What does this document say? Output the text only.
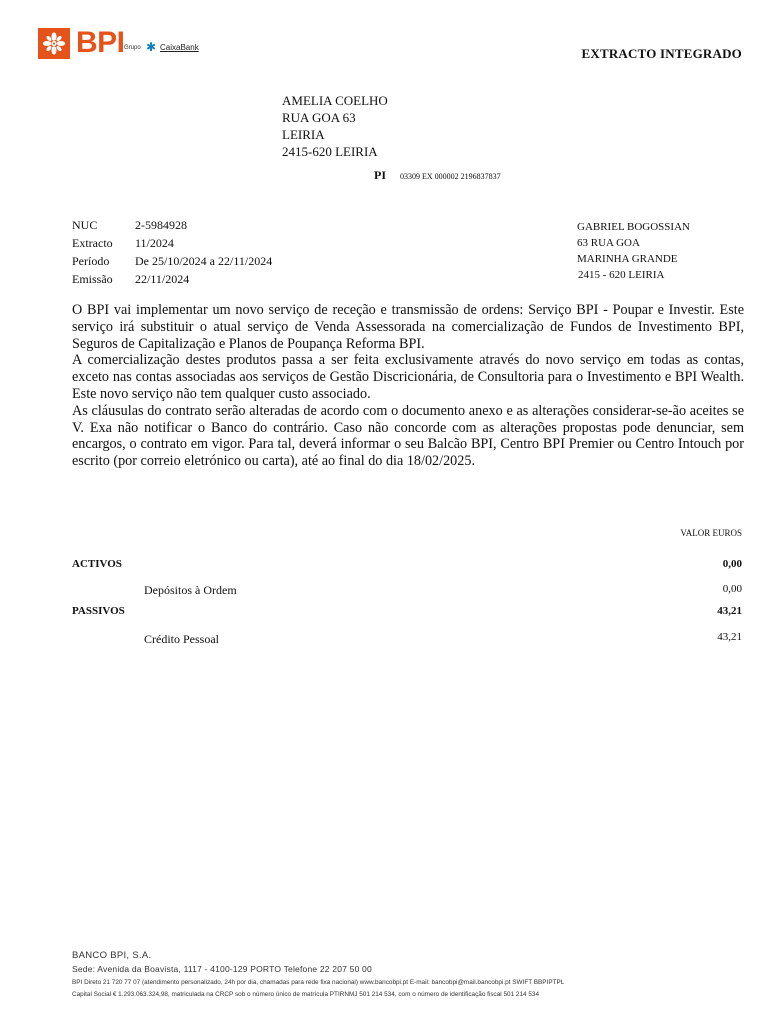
BPI Grupo ✱ CaixaBank	EXTRACTO INTEGRADO
AMELIA COELHO
RUA GOA 63
LEIRIA
2415-620 LEIRIA
PI 03309 EX 000002 2196837837
NUC	2-5984928
Extracto	11/2024
Período	De 25/10/2024 a 22/11/2024
Emissão	22/11/2024
GABRIEL BOGOSSIAN
63 RUA GOA
MARINHA GRANDE
2415 - 620 LEIRIA

O BPI vai implementar um novo serviço de receção e transmissão de ordens: Serviço BPI - Poupar e Investir. Este serviço irá substituir o atual serviço de Venda Assessorada na comercialização de Fundos de Investimento BPI, Seguros de Capitalização e Planos de Poupança Reforma BPI.

A comercialização destes produtos passa a ser feita exclusivamente através do novo serviço em todas as contas, exceto nas contas associadas aos serviços de Gestão Discricionária, de Consultoria para o Investimento e BPI Wealth. Este novo serviço não tem qualquer custo associado.

As cláusulas do contrato serão alteradas de acordo com o documento anexo e as alterações considerar-se-ão aceites se V. Exa não notificar o Banco do contrário. Caso não concorde com as alterações propostas pode denunciar, sem encargos, o contrato em vigor. Para tal, deverá informar o seu Balcão BPI, Centro BPI Premier ou Centro Intouch por escrito (por correio eletrónico ou carta), até ao final do dia 18/02/2025.

VALOR EUROS
ACTIVOS	0,00
Depósitos à Ordem	0,00
PASSIVOS	43,21
Crédito Pessoal	43,21
BANCO BPI, S.A.
Sede: Avenida da Boavista, 1117 - 4100-129 PORTO Telefone 22 207 50 00
BPI Direto 21 720 77 07 (atendimento personalizado, 24h por dia, chamadas para rede fixa nacional) www.bancobpi.pt E-mail: bancobpi@mail.bancobpi.pt SWIFT BBPIPTPL
Capital Social € 1.293.063.324,98, matriculada na CRCP sob o número único de matrícula PTIRNMJ 501 214 534, com o número de identificação fiscal 501 214 534
